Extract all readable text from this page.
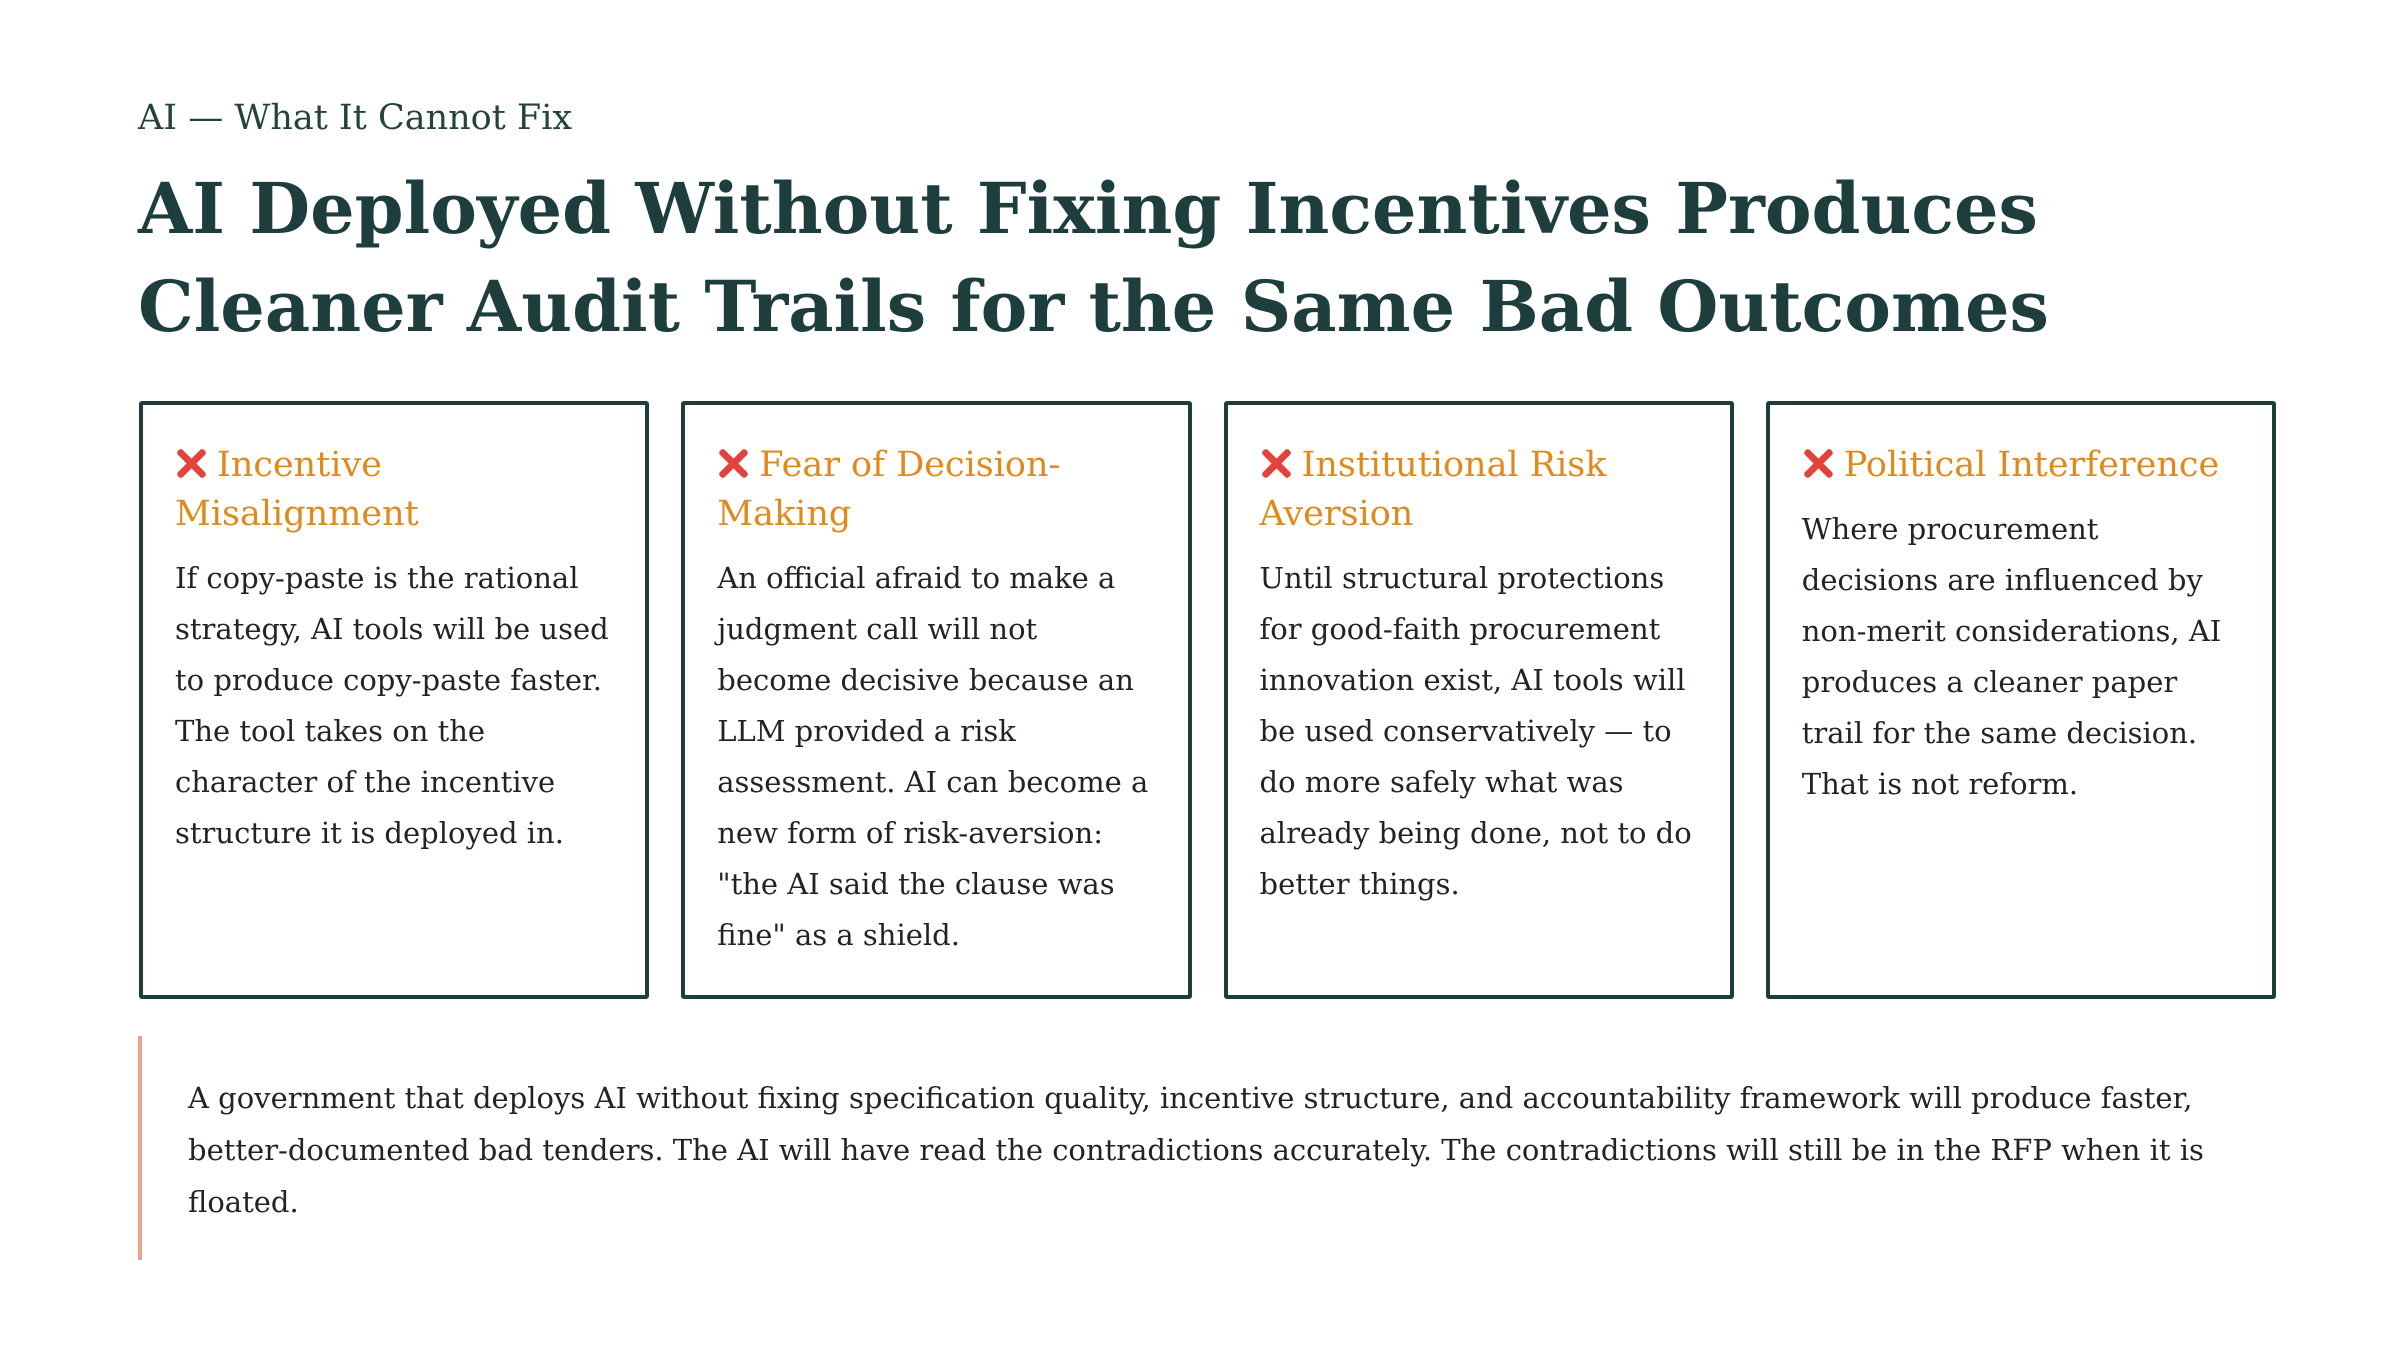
AI — What It Cannot Fix
AI Deployed Without Fixing Incentives Produces Cleaner Audit Trails for the Same Bad Outcomes
Incentive Misalignment

If copy-paste is the rational strategy, AI tools will be used to produce copy-paste faster. The tool takes on the character of the incentive structure it is deployed in.

Fear of Decision-Making

An official afraid to make a judgment call will not become decisive because an LLM provided a risk assessment. AI can become a new form of risk-aversion: "the AI said the clause was fine" as a shield.

Institutional Risk Aversion

Until structural protections for good-faith procurement innovation exist, AI tools will be used conservatively — to do more safely what was already being done, not to do better things.

Political Interference

Where procurement decisions are influenced by non-merit considerations, AI produces a cleaner paper trail for the same decision. That is not reform.

A government that deploys AI without fixing specification quality, incentive structure, and accountability framework will produce faster, better-documented bad tenders. The AI will have read the contradictions accurately. The contradictions will still be in the RFP when it is floated.
